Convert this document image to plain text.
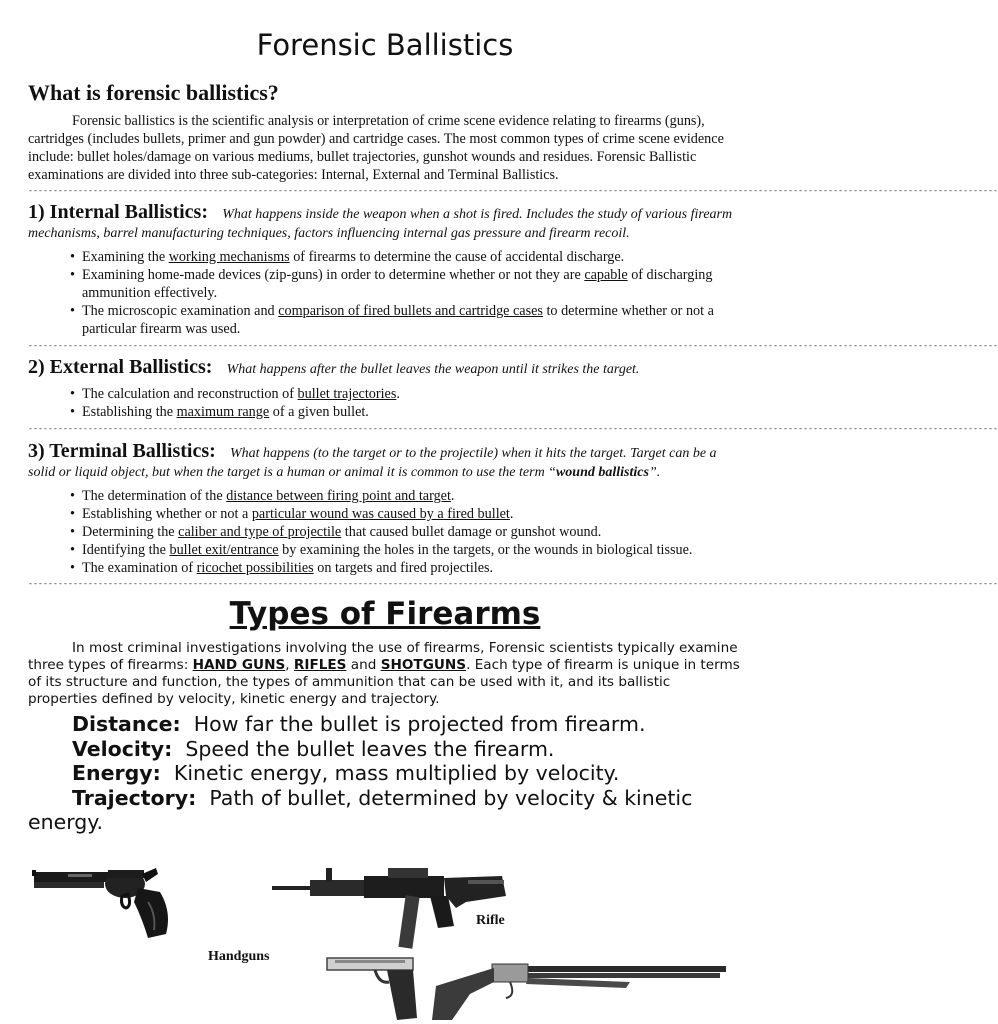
Forensic Ballistics
What is forensic ballistics?

Forensic ballistics is the scientific analysis or interpretation of crime scene evidence relating to firearms (guns), cartridges (includes bullets, primer and gun powder) and cartridge cases. The most common types of crime scene evidence include: bullet holes/damage on various mediums, bullet trajectories, gunshot wounds and residues. Forensic Ballistic examinations are divided into three sub-categories: Internal, External and Terminal Ballistics.

--------------------------------------------------------------------------------------------------------------------------------------------------------------------------------------------------

1) Internal Ballistics: What happens inside the weapon when a shot is fired. Includes the study of various firearm mechanisms, barrel manufacturing techniques, factors influencing internal gas pressure and firearm recoil.

• Examining the working mechanisms of firearms to determine the cause of accidental discharge.
• Examining home-made devices (zip-guns) in order to determine whether or not they are capable of discharging ammunition effectively.
• The microscopic examination and comparison of fired bullets and cartridge cases to determine whether or not a particular firearm was used.
--------------------------------------------------------------------------------------------------------------------------------------------------------------------------------------------------

2) External Ballistics: What happens after the bullet leaves the weapon until it strikes the target.

• The calculation and reconstruction of bullet trajectories.
• Establishing the maximum range of a given bullet.
--------------------------------------------------------------------------------------------------------------------------------------------------------------------------------------------------

3) Terminal Ballistics: What happens (to the target or to the projectile) when it hits the target. Target can be a solid or liquid object, but when the target is a human or animal it is common to use the term “wound ballistics”.

• The determination of the distance between firing point and target.
• Establishing whether or not a particular wound was caused by a fired bullet.
• Determining the caliber and type of projectile that caused bullet damage or gunshot wound.
• Identifying the bullet exit/entrance by examining the holes in the targets, or the wounds in biological tissue.
• The examination of ricochet possibilities on targets and fired projectiles.
--------------------------------------------------------------------------------------------------------------------------------------------------------------------------------------------------
Types of Firearms

In most criminal investigations involving the use of firearms, Forensic scientists typically examine three types of firearms: HAND GUNS, RIFLES and SHOTGUNS. Each type of firearm is unique in terms of its structure and function, the types of ammunition that can be used with it, and its ballistic properties defined by velocity, kinetic energy and trajectory.

Distance:  How far the bullet is projected from firearm.
Velocity:  Speed the bullet leaves the firearm.
Energy:  Kinetic energy, mass multiplied by velocity.
Trajectory:  Path of bullet, determined by velocity & kinetic energy.
Rifle
Handguns
